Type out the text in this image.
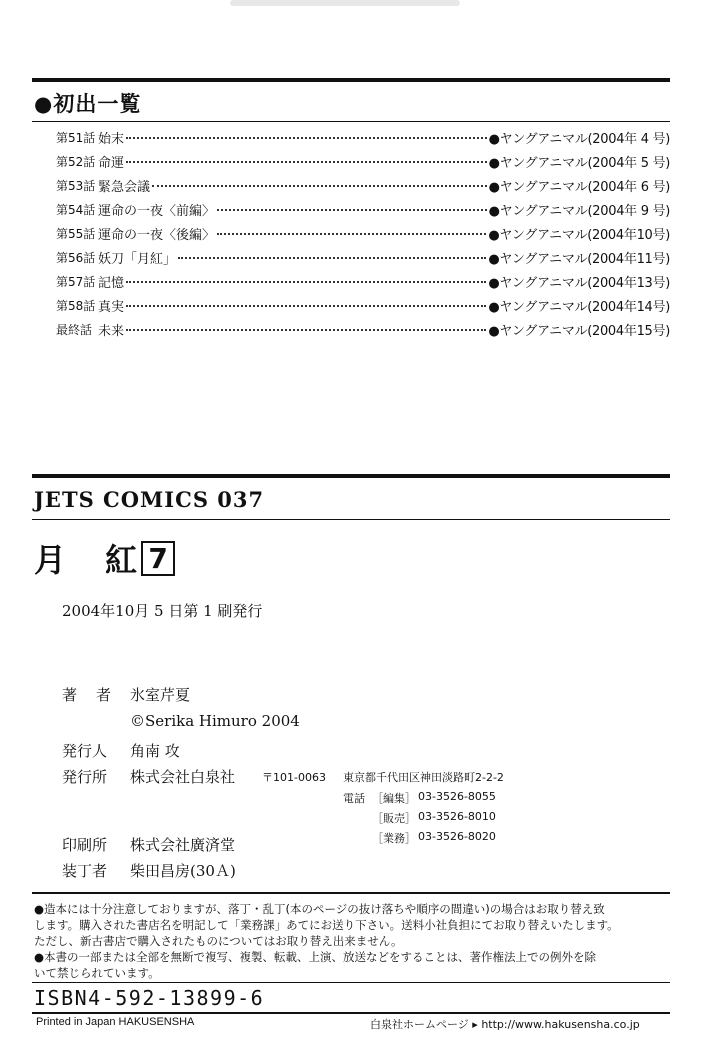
●初出一覧
第51話 始末	●ヤングアニマル(2004年 4 号)
第52話 命運	●ヤングアニマル(2004年 5 号)
第53話 緊急会議	●ヤングアニマル(2004年 6 号)
第54話 運命の一夜〈前編〉	●ヤングアニマル(2004年 9 号)
第55話 運命の一夜〈後編〉	●ヤングアニマル(2004年10号)
第56話 妖刀「月紅」	●ヤングアニマル(2004年11号)
第57話 記憶	●ヤングアニマル(2004年13号)
第58話 真実	●ヤングアニマル(2004年14号)
最終話 未来	●ヤングアニマル(2004年15号)
JETS COMICS 037
月 紅
7
2004年10月 5 日第 1 刷発行
著　者 氷室芹夏
©Serika Himuro 2004
発行人 角南 攻
発行所 株式会社白泉社 〒101-0063 東京都千代田区神田淡路町2-2-2
電話 ［編集］ 03-3526-8055
［販売］ 03-3526-8010
［業務］ 03-3526-8020
印刷所 株式会社廣済堂
装丁者 柴田昌房(30Ａ)

●造本には十分注意しておりますが、落丁・乱丁(本のページの抜け落ちや順序の間違い)の場合はお取り替え致

します。購入された書店名を明記して「業務課」あてにお送り下さい。送料小社負担にてお取り替えいたします。

ただし、新古書店で購入されたものについてはお取り替え出来ません。

●本書の一部または全部を無断で複写、複製、転載、上演、放送などをすることは、著作権法上での例外を除

いて禁じられています。

ISBN4-592-13899-6
Printed in Japan HAKUSENSHA	白泉社ホームページ ▸ http://www.hakusensha.co.jp
